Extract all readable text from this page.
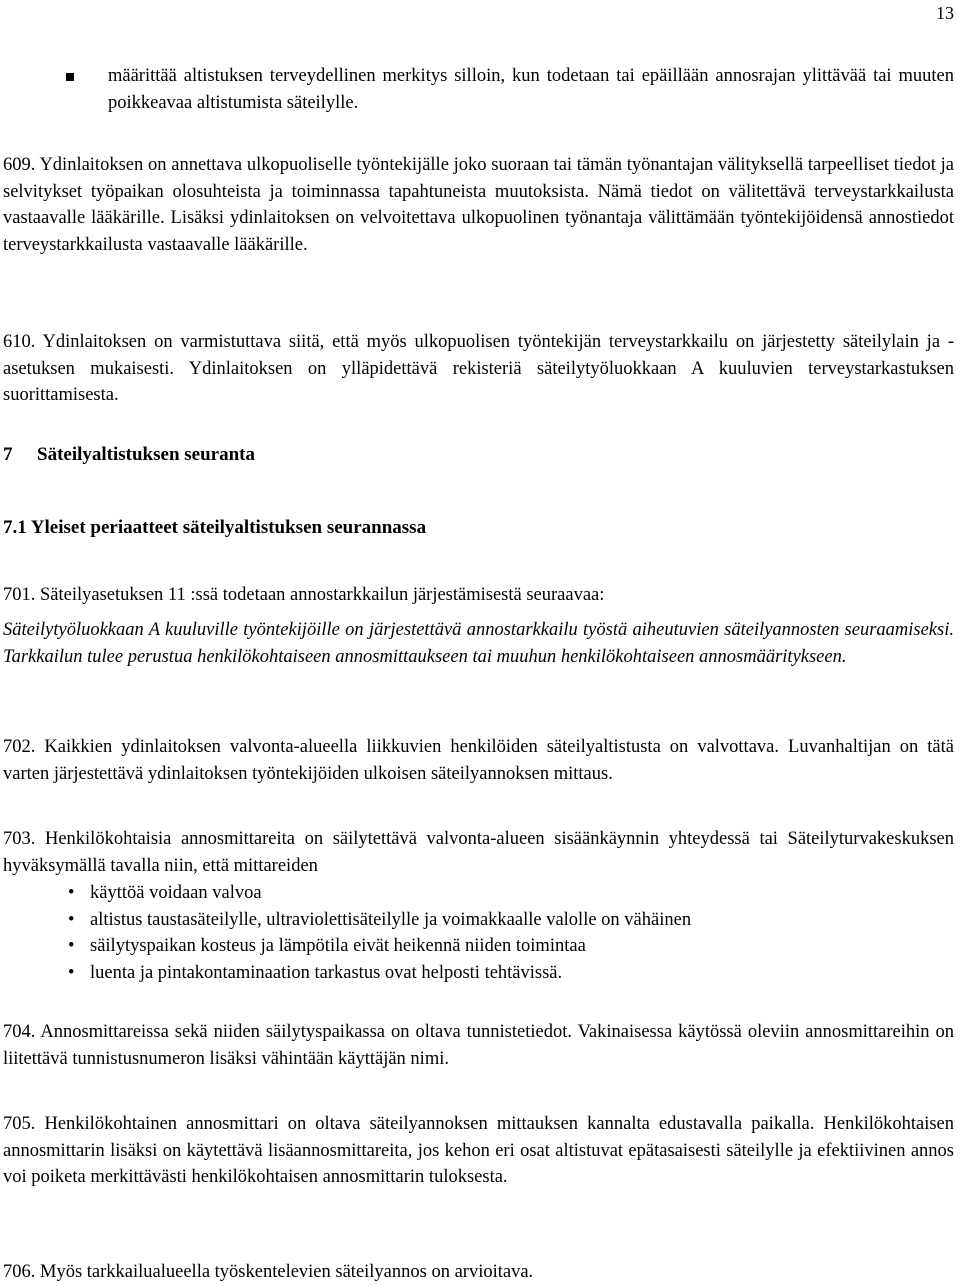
13
määrittää altistuksen terveydellinen merkitys silloin, kun todetaan tai epäillään annosrajan ylittävää tai muuten poikkeavaa altistumista säteilylle.
609. Ydinlaitoksen on annettava ulkopuoliselle työntekijälle joko suoraan tai tämän työnantajan välityksellä tarpeelliset tiedot ja selvitykset työpaikan olosuhteista ja toiminnassa tapahtuneista muutoksista. Nämä tiedot on välitettävä terveystarkkailusta vastaavalle lääkärille. Lisäksi ydinlaitoksen on velvoitettava ulkopuolinen työnantaja välittämään työntekijöidensä annostiedot terveystarkkailusta vastaavalle lääkärille.
610. Ydinlaitoksen on varmistuttava siitä, että myös ulkopuolisen työntekijän terveystarkkailu on järjestetty säteilylain ja -asetuksen mukaisesti. Ydinlaitoksen on ylläpidettävä rekisteriä säteilytyöluokkaan A kuuluvien terveystarkastuksen suorittamisesta.
7 Säteilyaltistuksen seuranta
7.1 Yleiset periaatteet säteilyaltistuksen seurannassa
701. Säteilyasetuksen 11 :ssä todetaan annostarkkailun järjestämisestä seuraavaa:
Säteilytyöluokkaan A kuuluville työntekijöille on järjestettävä annostarkkailu työstä aiheutuvien säteilyannosten seuraamiseksi. Tarkkailun tulee perustua henkilökohtaiseen annosmittaukseen tai muuhun henkilökohtaiseen annosmääritykseen.
702. Kaikkien ydinlaitoksen valvonta-alueella liikkuvien henkilöiden säteilyaltistusta on valvottava. Luvanhaltijan on tätä varten järjestettävä ydinlaitoksen työntekijöiden ulkoisen säteilyannoksen mittaus.
703. Henkilökohtaisia annosmittareita on säilytettävä valvonta-alueen sisäänkäynnin yhteydessä tai Säteilyturvakeskuksen hyväksymällä tavalla niin, että mittareiden
• käyttöä voidaan valvoa
• altistus taustasäteilylle, ultraviolettisäteilylle ja voimakkaalle valolle on vähäinen
• säilytyspaikan kosteus ja lämpötila eivät heikennä niiden toimintaa
• luenta ja pintakontaminaation tarkastus ovat helposti tehtävissä.
704. Annosmittareissa sekä niiden säilytyspaikassa on oltava tunnistetiedot. Vakinaisessa käytössä oleviin annosmittareihin on liitettävä tunnistusnumeron lisäksi vähintään käyttäjän nimi.
705. Henkilökohtainen annosmittari on oltava säteilyannoksen mittauksen kannalta edustavalla paikalla. Henkilökohtaisen annosmittarin lisäksi on käytettävä lisäannosmittareita, jos kehon eri osat altistuvat epätasaisesti säteilylle ja efektiivinen annos voi poiketa merkittävästi henkilökohtaisen annosmittarin tuloksesta.
706. Myös tarkkailualueella työskentelevien säteilyannos on arvioitava.
